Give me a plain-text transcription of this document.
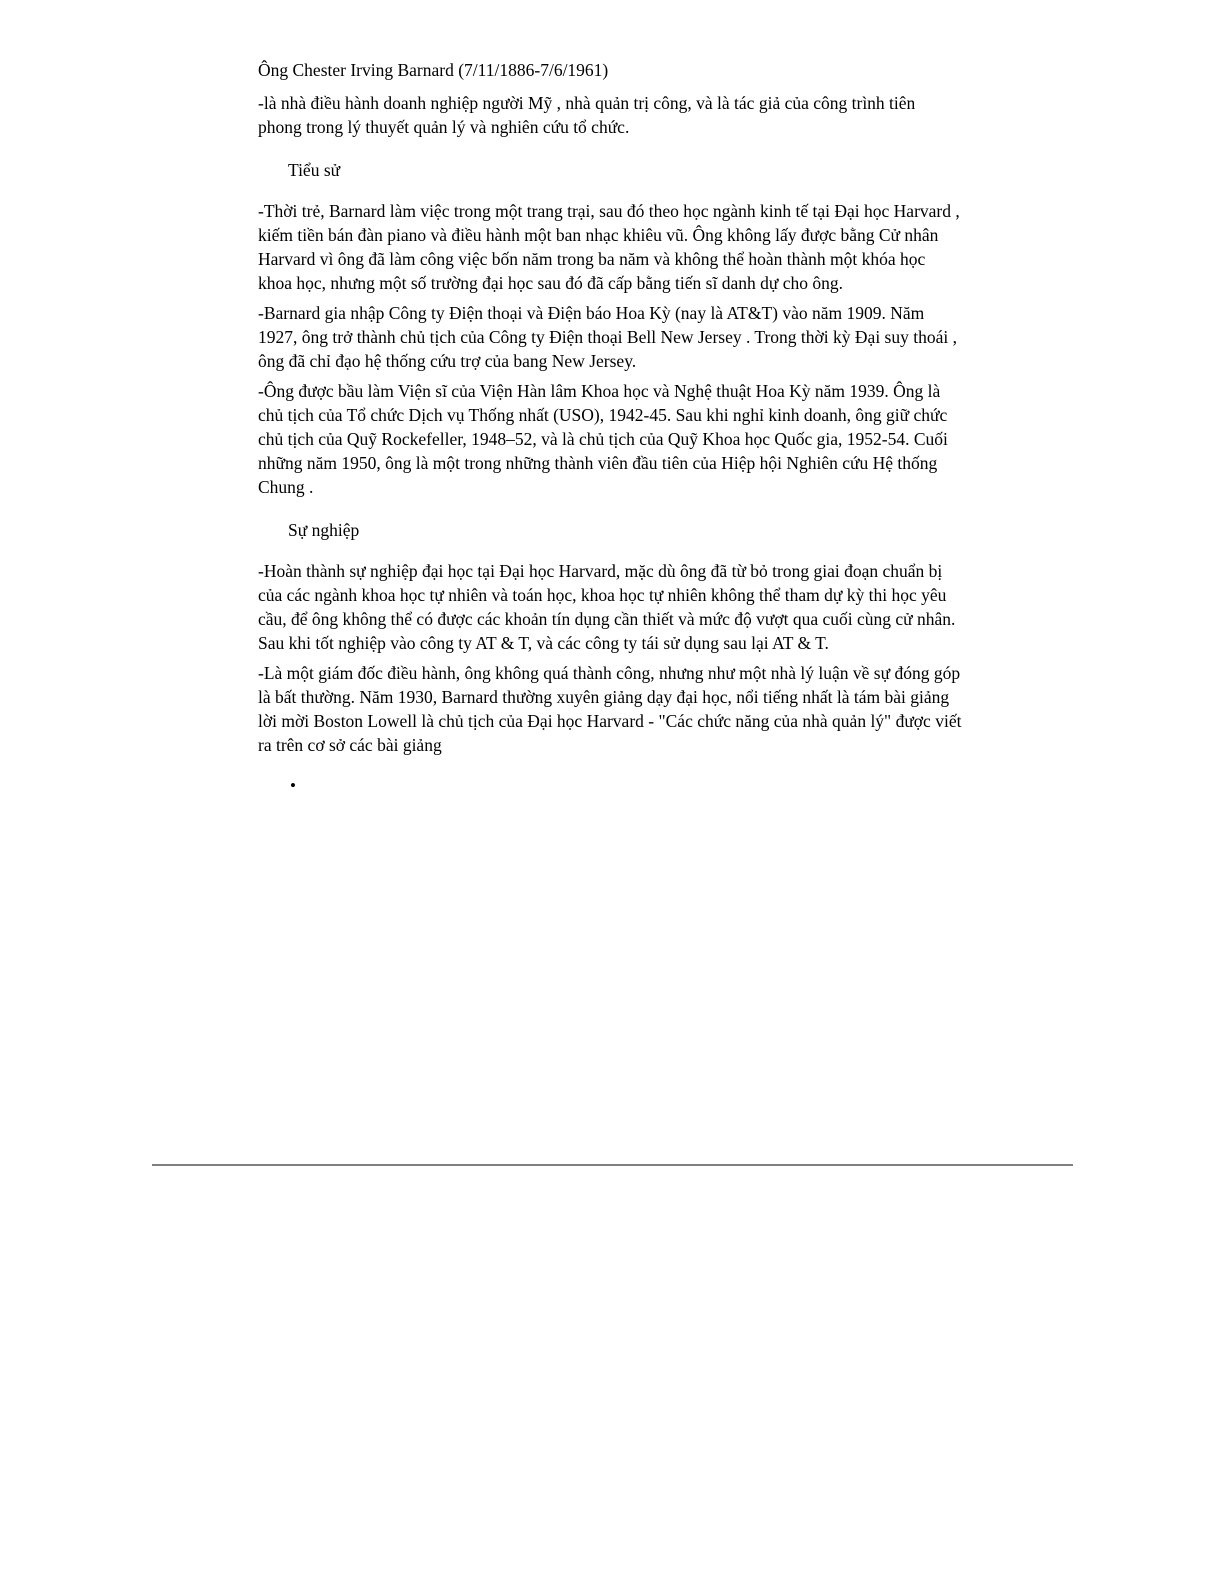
Ông Chester Irving Barnard (7/11/1886-7/6/1961)

-là nhà điều hành doanh nghiệp người Mỹ , nhà quản trị công, và là tác giả của công trình tiên phong trong lý thuyết quản lý và nghiên cứu tổ chức.

Tiểu sử

-Thời trẻ, Barnard làm việc trong một trang trại, sau đó theo học ngành kinh tế tại Đại học Harvard , kiếm tiền bán đàn piano và điều hành một ban nhạc khiêu vũ. Ông không lấy được bằng Cử nhân Harvard vì ông đã làm công việc bốn năm trong ba năm và không thể hoàn thành một khóa học khoa học, nhưng một số trường đại học sau đó đã cấp bằng tiến sĩ danh dự cho ông.

-Barnard gia nhập Công ty Điện thoại và Điện báo Hoa Kỳ (nay là AT&T) vào năm 1909. Năm 1927, ông trở thành chủ tịch của Công ty Điện thoại Bell New Jersey . Trong thời kỳ Đại suy thoái , ông đã chỉ đạo hệ thống cứu trợ của bang New Jersey.

-Ông được bầu làm Viện sĩ của Viện Hàn lâm Khoa học và Nghệ thuật Hoa Kỳ năm 1939. Ông là chủ tịch của Tổ chức Dịch vụ Thống nhất (USO), 1942-45. Sau khi nghỉ kinh doanh, ông giữ chức chủ tịch của Quỹ Rockefeller, 1948–52, và là chủ tịch của Quỹ Khoa học Quốc gia, 1952-54. Cuối những năm 1950, ông là một trong những thành viên đầu tiên của Hiệp hội Nghiên cứu Hệ thống Chung .

Sự nghiệp

-Hoàn thành sự nghiệp đại học tại Đại học Harvard, mặc dù ông đã từ bỏ trong giai đoạn chuẩn bị của các ngành khoa học tự nhiên và toán học, khoa học tự nhiên không thể tham dự kỳ thi học yêu cầu, để ông không thể có được các khoản tín dụng cần thiết và mức độ vượt qua cuối cùng cử nhân. Sau khi tốt nghiệp vào công ty AT & T, và các công ty tái sử dụng sau lại AT & T.

-Là một giám đốc điều hành, ông không quá thành công, nhưng như một nhà lý luận về sự đóng góp là bất thường. Năm 1930, Barnard thường xuyên giảng dạy đại học, nổi tiếng nhất là tám bài giảng lời mời Boston Lowell là chủ tịch của Đại học Harvard - "Các chức năng của nhà quản lý" được viết ra trên cơ sở các bài giảng

•
